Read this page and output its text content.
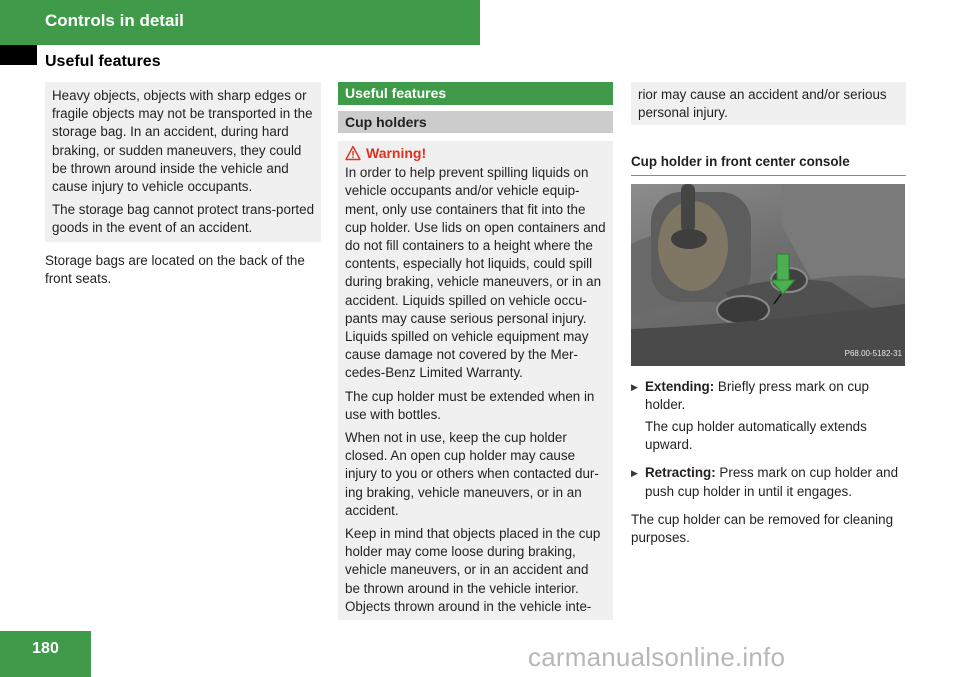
Controls in detail
Useful features

Heavy objects, objects with sharp edges or fragile objects may not be transported in the storage bag. In an accident, during hard braking, or sudden maneuvers, they could be thrown around inside the vehicle and cause injury to vehicle occupants.

The storage bag cannot protect trans-ported goods in the event of an accident.

Storage bags are located on the back of the front seats.

Useful features
Cup holders
Warning!

In order to help prevent spilling liquids on vehicle occupants and/or vehicle equip-ment, only use containers that fit into the cup holder. Use lids on open containers and do not fill containers to a height where the contents, especially hot liquids, could spill during braking, vehicle maneuvers, or in an accident. Liquids spilled on vehicle occu-pants may cause serious personal injury. Liquids spilled on vehicle equipment may cause damage not covered by the Mer-cedes-Benz Limited Warranty.

The cup holder must be extended when in use with bottles.

When not in use, keep the cup holder closed. An open cup holder may cause injury to you or others when contacted dur-ing braking, vehicle maneuvers, or in an accident.

Keep in mind that objects placed in the cup holder may come loose during braking, vehicle maneuvers, or in an accident and be thrown around in the vehicle interior. Objects thrown around in the vehicle inte-

rior may cause an accident and/or serious personal injury.

Cup holder in front center console
P68.00-5182-31
▶ Extending: Briefly press mark on cup holder.

The cup holder automatically extends upward.

▶ Retracting: Press mark on cup holder and push cup holder in until it engages.

The cup holder can be removed for cleaning purposes.

180	carmanualsonline.info
